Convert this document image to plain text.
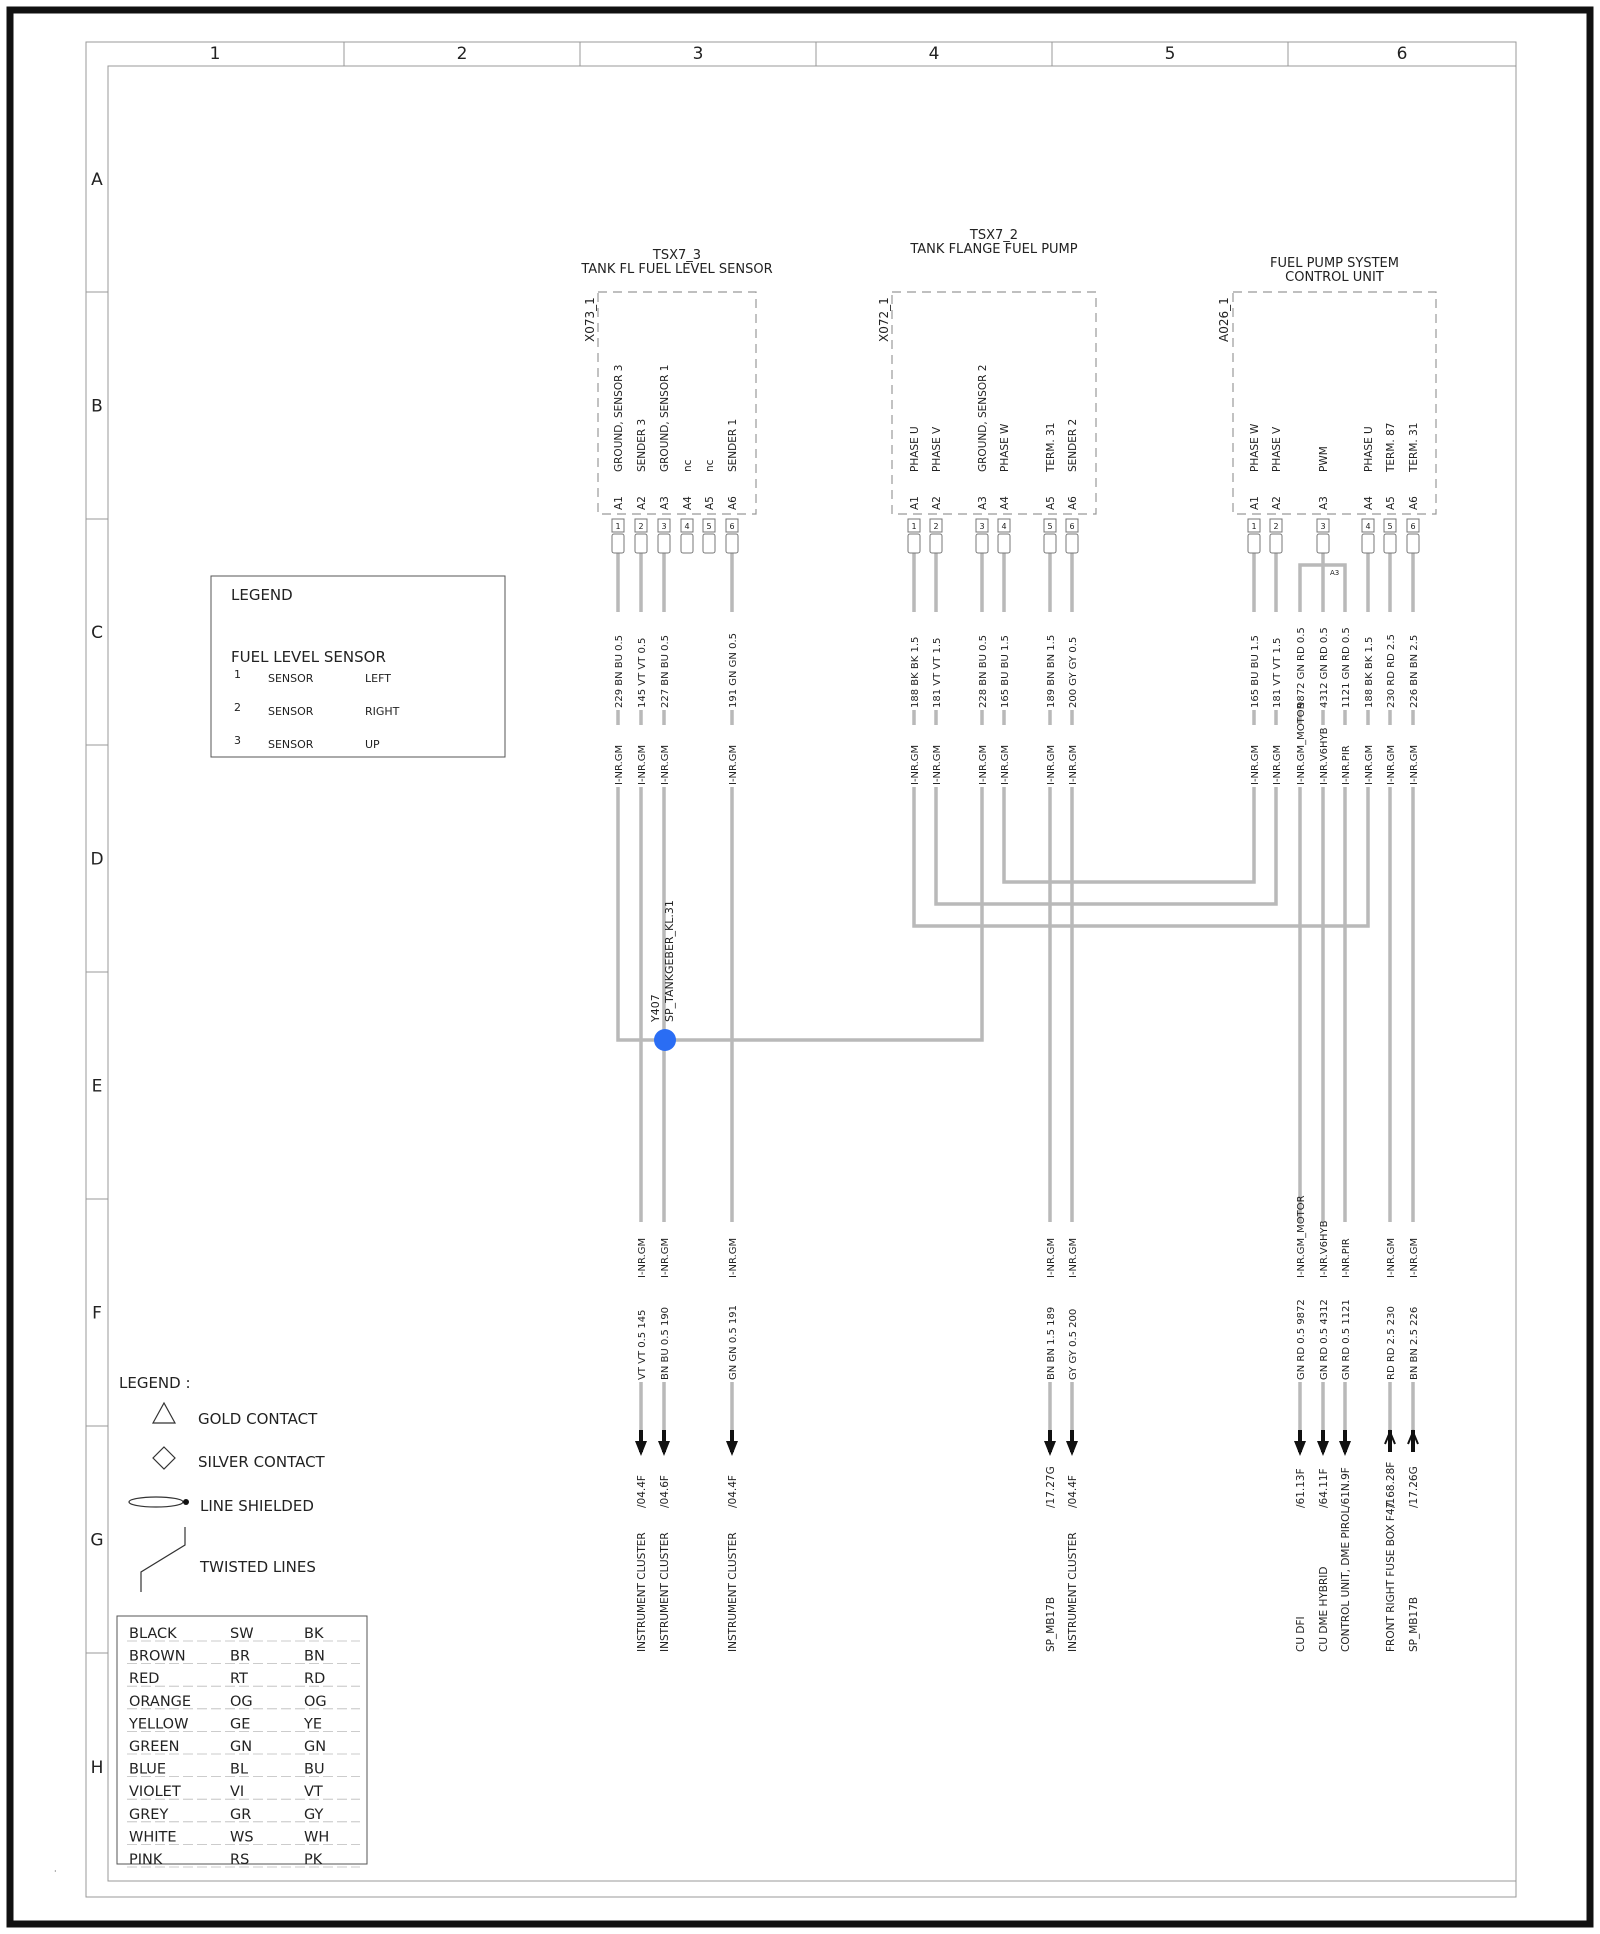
1	2	3	4	5	6
A
B
C
D
E
F
G
H
A3
229 BN BU 0.5
I-NR.GM
145 VT VT 0.5
I-NR.GM
227 BN BU 0.5
I-NR.GM
191 GN GN 0.5
I-NR.GM
188 BK BK 1.5
I-NR.GM
181 VT VT 1.5
I-NR.GM
228 BN BU 0.5
I-NR.GM
165 BU BU 1.5
I-NR.GM
189 BN BN 1.5
I-NR.GM
200 GY GY 0.5
I-NR.GM
165 BU BU 1.5
I-NR.GM
181 VT VT 1.5
I-NR.GM
9872 GN RD 0.5
I-NR.GM_MOTOR
4312 GN RD 0.5
I-NR.V6HYB
1121 GN RD 0.5
I-NR.PIR
188 BK BK 1.5
I-NR.GM
230 RD RD 2.5
I-NR.GM
226 BN BN 2.5
I-NR.GM
TSX7_3
TANK FL FUEL LEVEL SENSOR
X073_1
GROUND, SENSOR 3
A1
1
SENDER 3
A2
2
GROUND, SENSOR 1
A3
3
nc
A4
4
nc
A5
5
SENDER 1
A6
6
TSX7_2
TANK FLANGE FUEL PUMP
X072_1
PHASE U
A1
1
PHASE V
A2
2
GROUND, SENSOR 2
A3
3
PHASE W
A4
4
TERM. 31
A5
5
SENDER 2
A6
6
FUEL PUMP SYSTEM
CONTROL UNIT
A026_1
PHASE W
A1
1
PHASE V
A2
2
PWM
A3
3
PHASE U
A4
4
TERM. 87
A5
5
TERM. 31
A6
6
Y407 SP_TANKGEBER_KL.31
VT VT 0.5 145
I-NR.GM
/04.4F
INSTRUMENT CLUSTER
BN BU 0.5 190
I-NR.GM
/04.6F
INSTRUMENT CLUSTER
GN GN 0.5 191
I-NR.GM
/04.4F
INSTRUMENT CLUSTER
BN BN 1.5 189
I-NR.GM
/17.27G
SP_MB17B
GY GY 0.5 200
I-NR.GM
/04.4F
INSTRUMENT CLUSTER
GN RD 0.5 9872
I-NR.GM_MOTOR
/61.13F
CU DFI
GN RD 0.5 4312
I-NR.V6HYB
/64.11F
CU DME HYBRID
GN RD 0.5 1121
I-NR.PIR
/61N.9F
CONTROL UNIT, DME PIROL
RD RD 2.5 230
I-NR.GM
/168.28F
FRONT RIGHT FUSE BOX F47
BN BN 2.5 226
I-NR.GM
/17.26G
SP_MB17B
LEGEND
FUEL LEVEL SENSOR
1 SENSOR	LEFT
2 SENSOR	RIGHT
3 SENSOR	UP
LEGEND :
GOLD CONTACT
SILVER CONTACT
LINE SHIELDED
TWISTED LINES
BLACK	SW	BK
BROWN	BR	BN
RED	RT	RD
ORANGE	OG	OG
YELLOW	GE	YE
GREEN	GN	GN
BLUE	BL	BU
VIOLET	VI	VT
GREY	GR	GY
WHITE	WS	WH
PINK	RS	PK
·
